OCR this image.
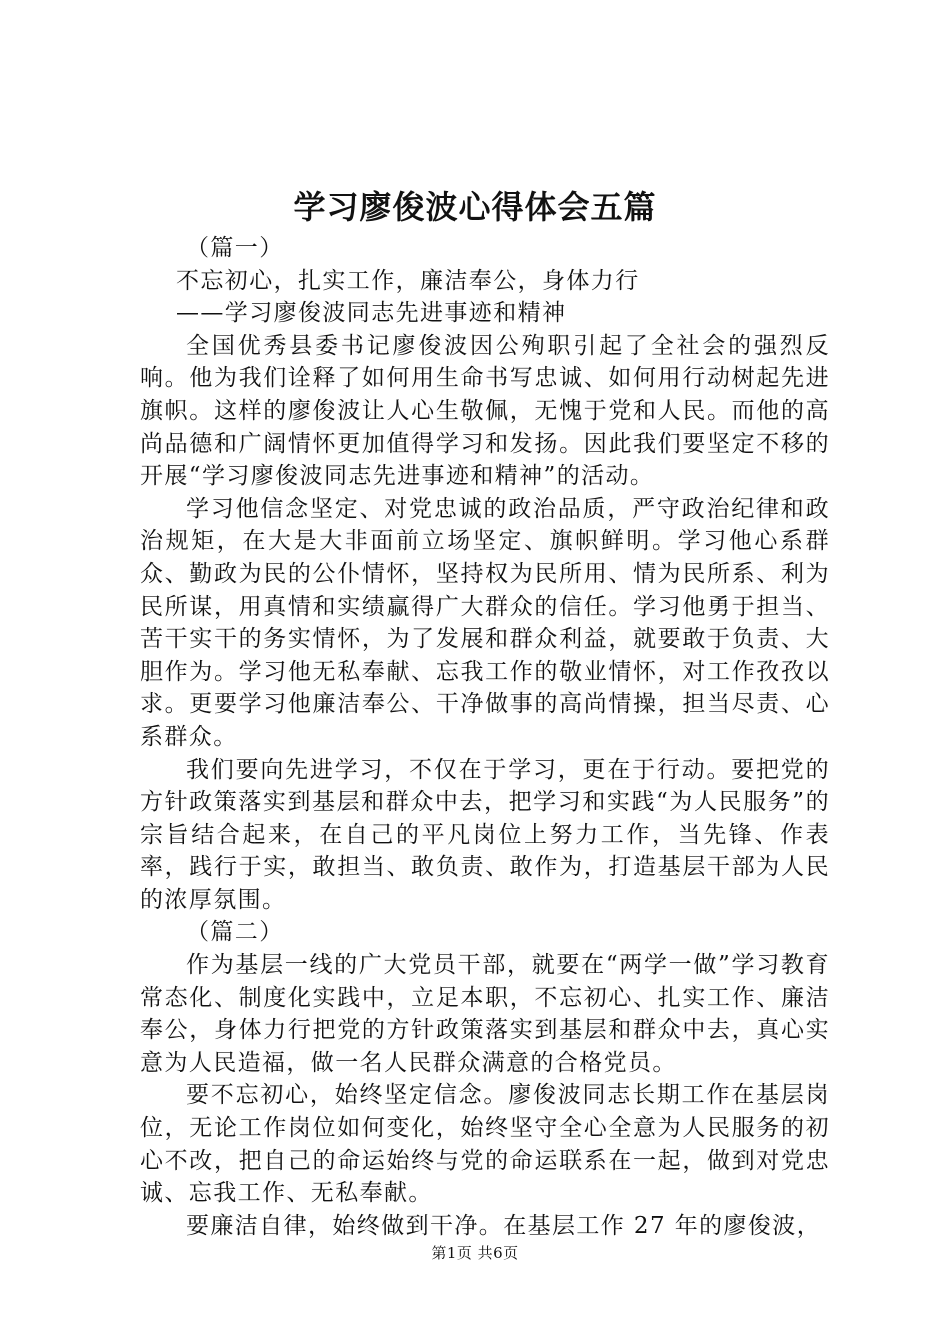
学习廖俊波心得体会五篇

（篇一）

不忘初心，扎实工作，廉洁奉公，身体力行

——学习廖俊波同志先进事迹和精神

全国优秀县委书记廖俊波因公殉职引起了全社会的强烈反响。他为我们诠释了如何用生命书写忠诚、如何用行动树起先进旗帜。这样的廖俊波让人心生敬佩，无愧于党和人民。而他的高尚品德和广阔情怀更加值得学习和发扬。因此我们要坚定不移的开展“学习廖俊波同志先进事迹和精神”的活动。

学习他信念坚定、对党忠诚的政治品质，严守政治纪律和政治规矩，在大是大非面前立场坚定、旗帜鲜明。学习他心系群众、勤政为民的公仆情怀，坚持权为民所用、情为民所系、利为民所谋，用真情和实绩赢得广大群众的信任。学习他勇于担当、苦干实干的务实情怀，为了发展和群众利益，就要敢于负责、大胆作为。学习他无私奉献、忘我工作的敬业情怀，对工作孜孜以求。更要学习他廉洁奉公、干净做事的高尚情操，担当尽责、心系群众。

我们要向先进学习，不仅在于学习，更在于行动。要把党的方针政策落实到基层和群众中去，把学习和实践“为人民服务”的宗旨结合起来，在自己的平凡岗位上努力工作，当先锋、作表率，践行于实，敢担当、敢负责、敢作为，打造基层干部为人民的浓厚氛围。

（篇二）

作为基层一线的广大党员干部，就要在“两学一做”学习教育常态化、制度化实践中，立足本职，不忘初心、扎实工作、廉洁奉公，身体力行把党的方针政策落实到基层和群众中去，真心实意为人民造福，做一名人民群众满意的合格党员。

要不忘初心，始终坚定信念。廖俊波同志长期工作在基层岗位，无论工作岗位如何变化，始终坚守全心全意为人民服务的初心不改，把自己的命运始终与党的命运联系在一起，做到对党忠诚、忘我工作、无私奉献。

要廉洁自律，始终做到干净。在基层工作 27 年的廖俊波，

第1页 共6页
